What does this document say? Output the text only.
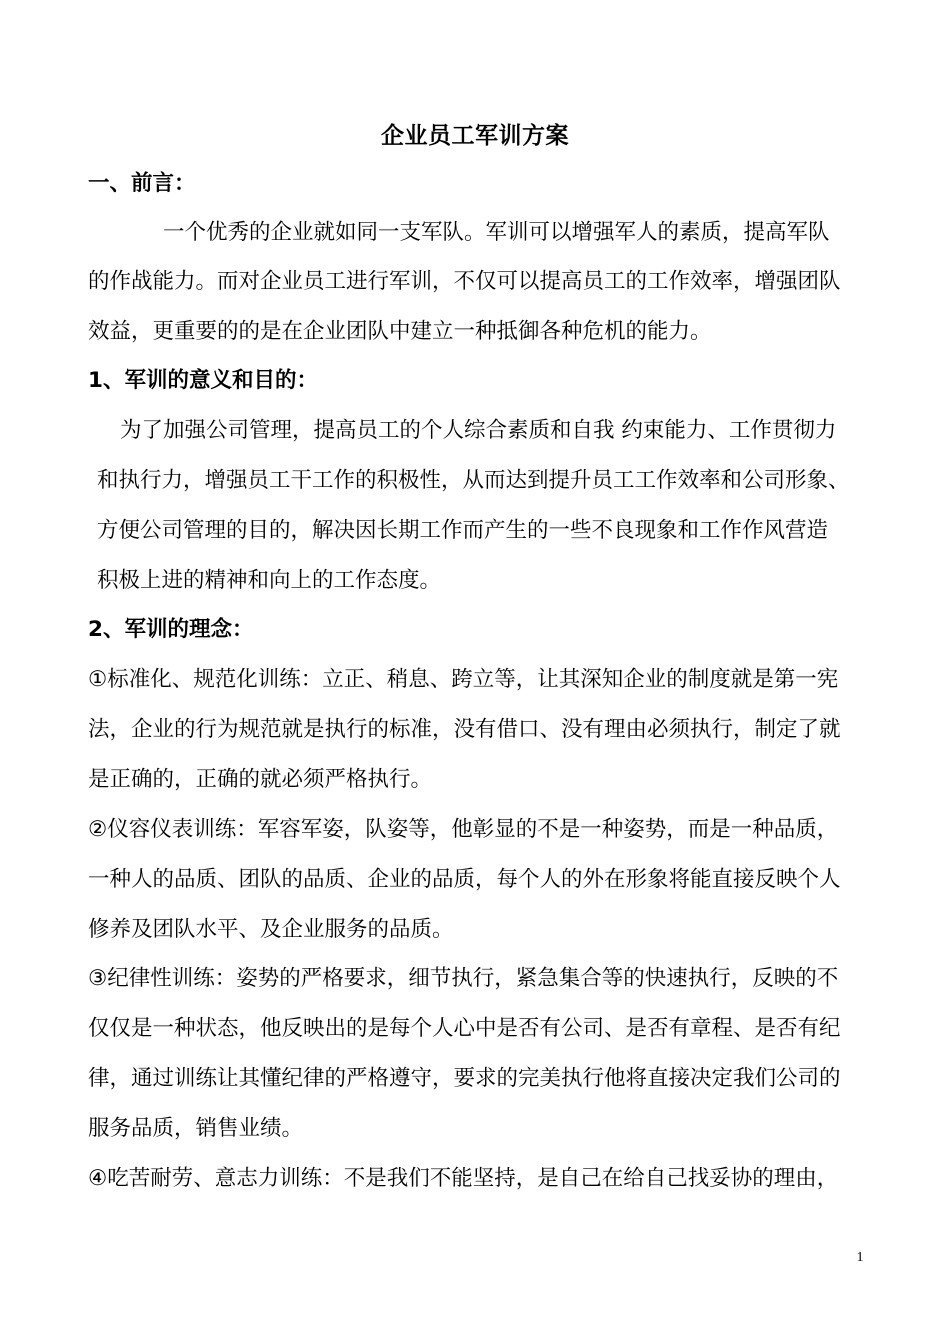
企业员工军训方案
一、前言：
一个优秀的企业就如同一支军队。军训可以增强军人的素质，提高军队
的作战能力。而对企业员工进行军训，不仅可以提高员工的工作效率，增强团队
效益，更重要的的是在企业团队中建立一种抵御各种危机的能力。
1、军训的意义和目的：
为了加强公司管理，提高员工的个人综合素质和自我 约束能力、工作贯彻力
和执行力，增强员工干工作的积极性，从而达到提升员工工作效率和公司形象、
方便公司管理的目的，解决因长期工作而产生的一些不良现象和工作作风营造
积极上进的精神和向上的工作态度。
2、军训的理念：
①标准化、规范化训练：立正、稍息、跨立等，让其深知企业的制度就是第一宪
法，企业的行为规范就是执行的标准，没有借口、没有理由必须执行，制定了就
是正确的，正确的就必须严格执行。
②仪容仪表训练：军容军姿，队姿等，他彰显的不是一种姿势，而是一种品质，
一种人的品质、团队的品质、企业的品质，每个人的外在形象将能直接反映个人
修养及团队水平、及企业服务的品质。
③纪律性训练：姿势的严格要求，细节执行，紧急集合等的快速执行，反映的不
仅仅是一种状态，他反映出的是每个人心中是否有公司、是否有章程、是否有纪
律，通过训练让其懂纪律的严格遵守，要求的完美执行他将直接决定我们公司的
服务品质，销售业绩。
④吃苦耐劳、意志力训练：不是我们不能坚持，是自己在给自己找妥协的理由，
1
